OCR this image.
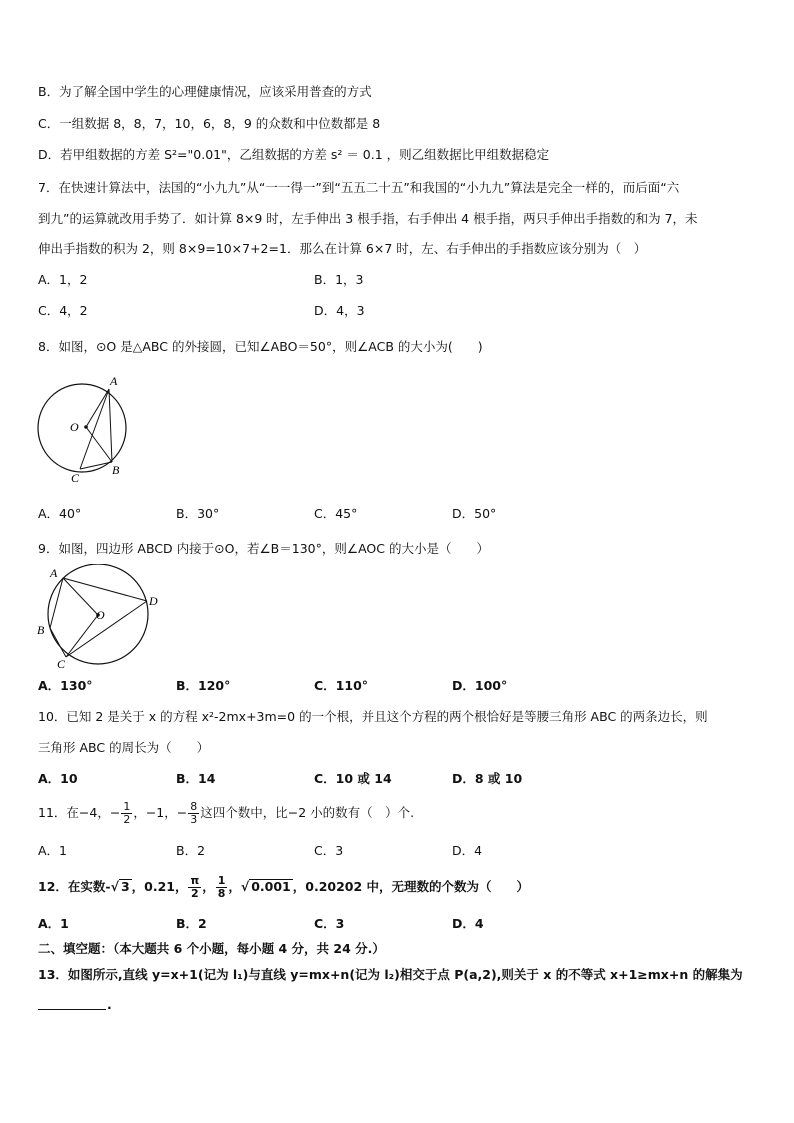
B．为了解全国中学生的心理健康情况，应该采用普查的方式
C．一组数据 8，8，7，10，6，8，9 的众数和中位数都是 8
D．若甲组数据的方差 S²="0.01"，乙组数据的方差 s² ＝ 0.1 ，则乙组数据比甲组数据稳定
7．在快速计算法中，法国的“小九九”从“一一得一”到“五五二十五”和我国的“小九九”算法是完全一样的，而后面“六
到九”的运算就改用手势了．如计算 8×9 时，左手伸出 3 根手指，右手伸出 4 根手指，两只手伸出手指数的和为 7，未
伸出手指数的积为 2，则 8×9=10×7+2=1．那么在计算 6×7 时，左、右手伸出的手指数应该分别为（　）
A．1，2	B．1，3
C．4，2	D．4，3
8．如图，⊙O 是△ABC 的外接圆，已知∠ABO＝50°，则∠ACB 的大小为(　　)
A
O
C
B
A．40°	B．30°	C．45°	D．50°
9．如图，四边形 ABCD 内接于⊙O，若∠B＝130°，则∠AOC 的大小是（　　）
A
O
D
B
C
A．130°	B．120°	C．110°	D．100°
10．已知 2 是关于 x 的方程 x²-2mx+3m=0 的一个根，并且这个方程的两个根恰好是等腰三角形 ABC 的两条边长，则
三角形 ABC 的周长为（　　）
A．10	B．14	C．10 或 14	D．8 或 10
11．在−4，− $\frac{1}{2}$ ，−1，− $\frac{8}{3}$ 这四个数中，比−2 小的数有（　）个.
A．1	B．2	C．3	D．4
12．在实数-√ 3 ，0.21， $\frac{\pi}{2}$ ， $\frac{1}{8}$ ，√ 0.001 ，0.20202 中，无理数的个数为（　　）
A．1	B．2	C．3	D．4
二、填空题：（本大题共 6 个小题，每小题 4 分，共 24 分.）
13．如图所示,直线 y=x+1(记为 l₁)与直线 y=mx+n(记为 l₂)相交于点 P(a,2),则关于 x 的不等式 x+1≥mx+n 的解集为
.
